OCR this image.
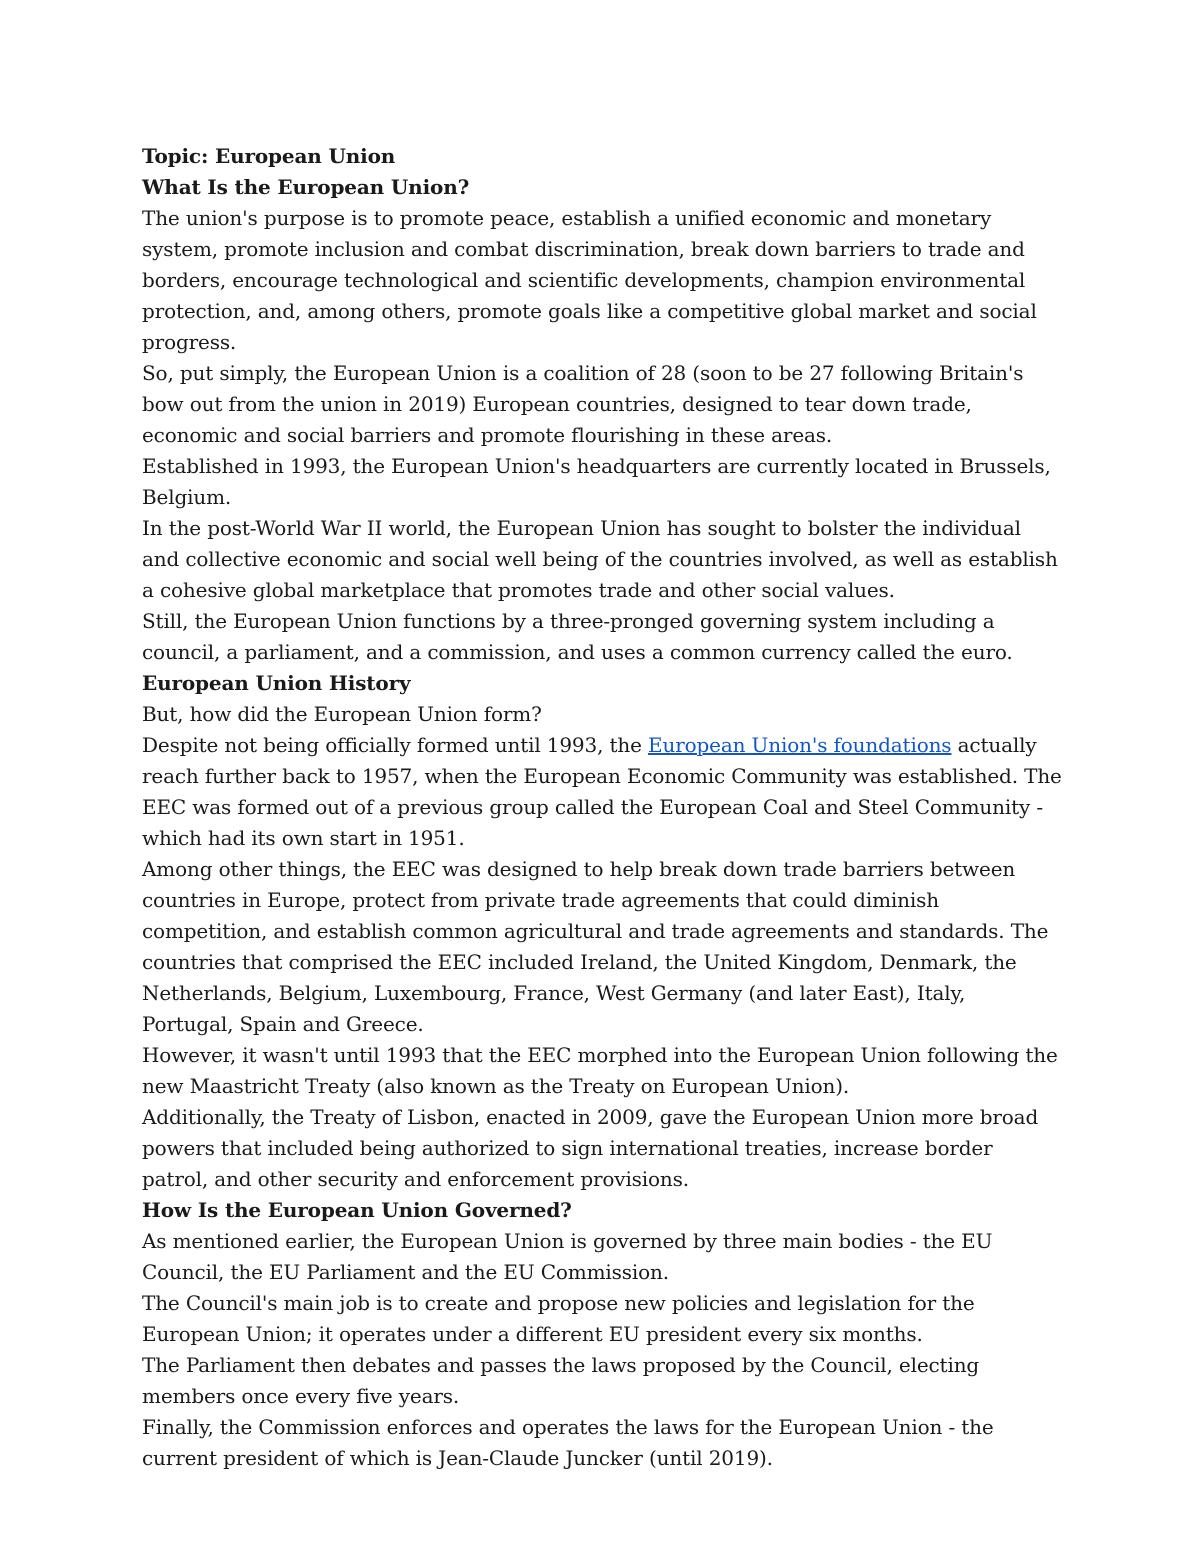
Topic: European Union

What Is the European Union?

The union's purpose is to promote peace, establish a unified economic and monetary system, promote inclusion and combat discrimination, break down barriers to trade and borders, encourage technological and scientific developments, champion environmental protection, and, among others, promote goals like a competitive global market and social progress.

So, put simply, the European Union is a coalition of 28 (soon to be 27 following Britain's bow out from the union in 2019) European countries, designed to tear down trade, economic and social barriers and promote flourishing in these areas.

Established in 1993, the European Union's headquarters are currently located in Brussels, Belgium.

In the post-World War II world, the European Union has sought to bolster the individual and collective economic and social well being of the countries involved, as well as establish a cohesive global marketplace that promotes trade and other social values.

Still, the European Union functions by a three-pronged governing system including a council, a parliament, and a commission, and uses a common currency called the euro.

European Union History

But, how did the European Union form?

Despite not being officially formed until 1993, the European Union's foundations actually reach further back to 1957, when the European Economic Community was established. The EEC was formed out of a previous group called the European Coal and Steel Community - which had its own start in 1951.

Among other things, the EEC was designed to help break down trade barriers between countries in Europe, protect from private trade agreements that could diminish competition, and establish common agricultural and trade agreements and standards. The countries that comprised the EEC included Ireland, the United Kingdom, Denmark, the Netherlands, Belgium, Luxembourg, France, West Germany (and later East), Italy, Portugal, Spain and Greece.

However, it wasn't until 1993 that the EEC morphed into the European Union following the new Maastricht Treaty (also known as the Treaty on European Union).

Additionally, the Treaty of Lisbon, enacted in 2009, gave the European Union more broad powers that included being authorized to sign international treaties, increase border patrol, and other security and enforcement provisions.

How Is the European Union Governed?

As mentioned earlier, the European Union is governed by three main bodies - the EU Council, the EU Parliament and the EU Commission.

The Council's main job is to create and propose new policies and legislation for the European Union; it operates under a different EU president every six months.

The Parliament then debates and passes the laws proposed by the Council, electing members once every five years.

Finally, the Commission enforces and operates the laws for the European Union - the current president of which is Jean-Claude Juncker (until 2019).
